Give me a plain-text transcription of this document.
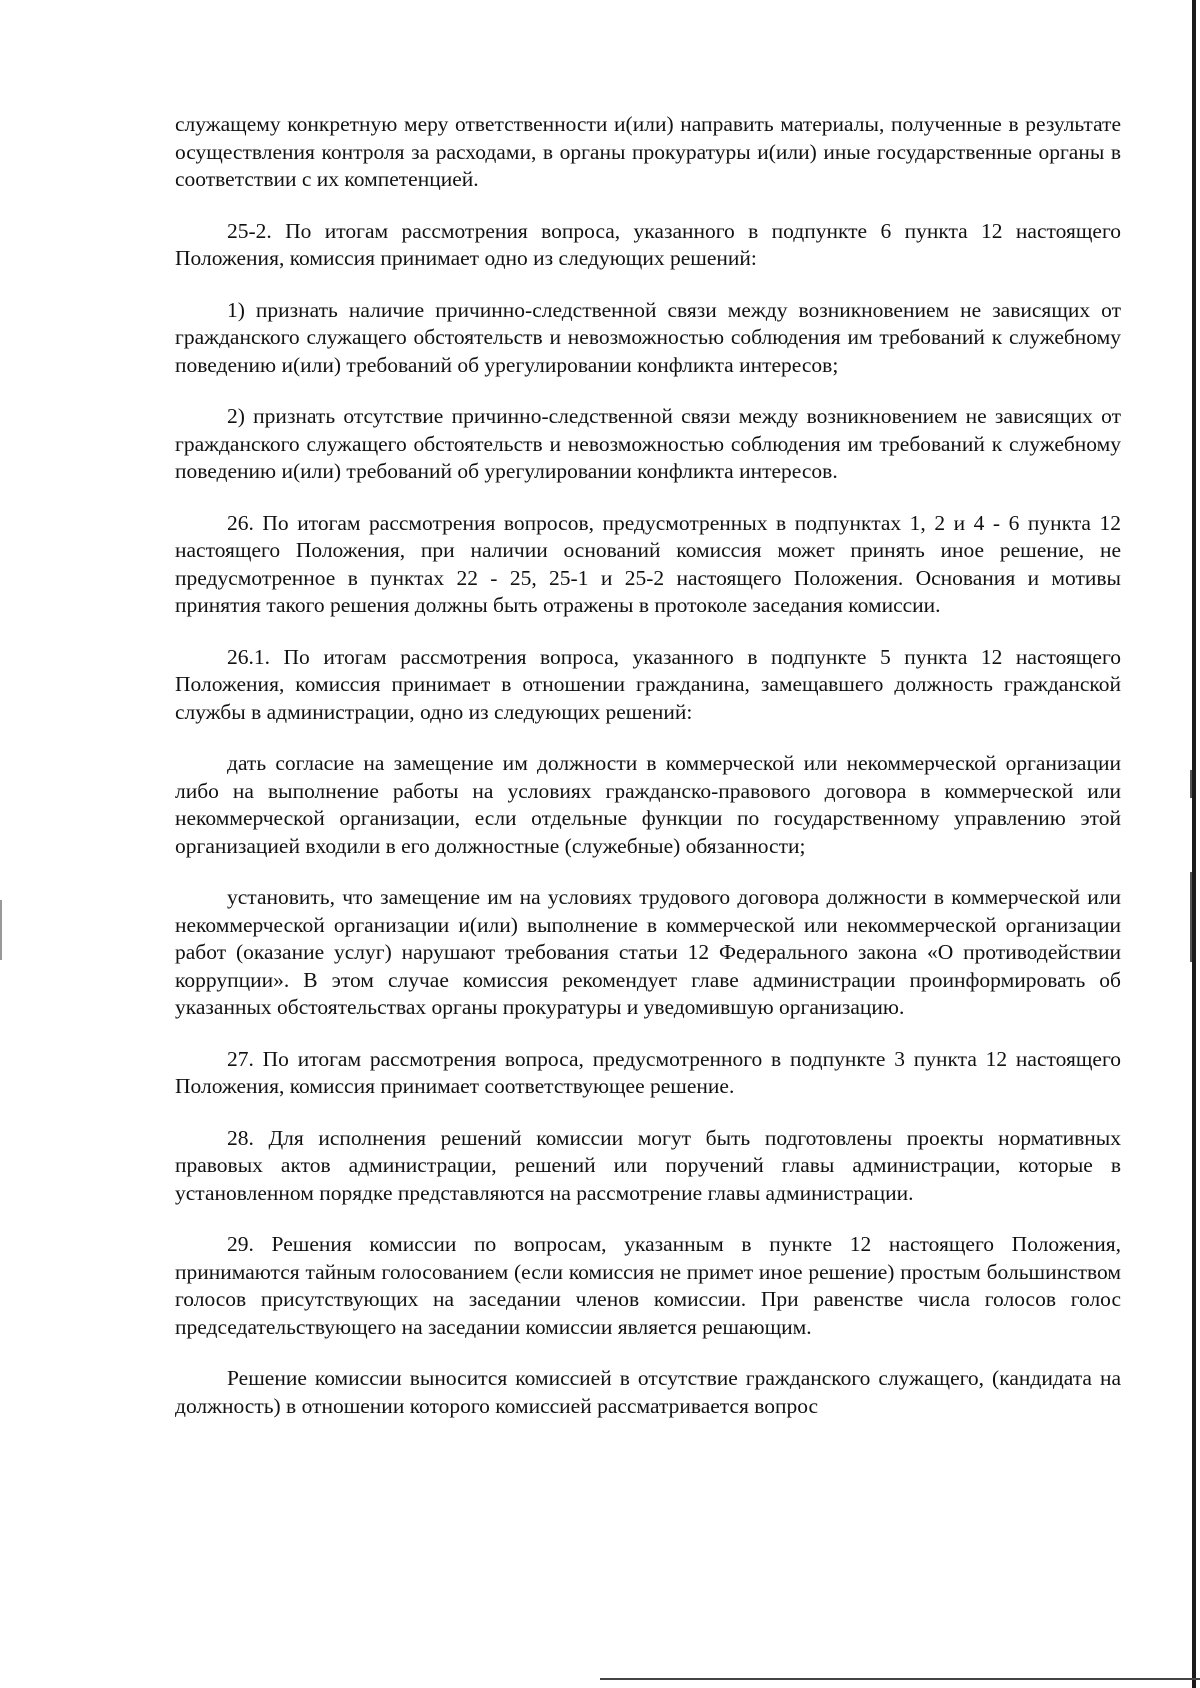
служащему конкретную меру ответственности и(или) направить материалы, полученные в результате осуществления контроля за расходами, в органы прокуратуры и(или) иные государственные органы в соответствии с их компетенцией.

25-2. По итогам рассмотрения вопроса, указанного в подпункте 6 пункта 12 настоящего Положения, комиссия принимает одно из следующих решений:

1) признать наличие причинно-следственной связи между возникновением не зависящих от гражданского служащего обстоятельств и невозможностью соблюдения им требований к служебному поведению и(или) требований об урегулировании конфликта интересов;

2) признать отсутствие причинно-следственной связи между возникновением не зависящих от гражданского служащего обстоятельств и невозможностью соблюдения им требований к служебному поведению и(или) требований об урегулировании конфликта интересов.

26. По итогам рассмотрения вопросов, предусмотренных в подпунктах 1, 2 и 4 - 6 пункта 12 настоящего Положения, при наличии оснований комиссия может принять иное решение, не предусмотренное в пунктах 22 - 25, 25-1 и 25-2 настоящего Положения. Основания и мотивы принятия такого решения должны быть отражены в протоколе заседания комиссии.

26.1. По итогам рассмотрения вопроса, указанного в подпункте 5 пункта 12 настоящего Положения, комиссия принимает в отношении гражданина, замещавшего должность гражданской службы в администрации, одно из следующих решений:

дать согласие на замещение им должности в коммерческой или некоммерческой организации либо на выполнение работы на условиях гражданско-правового договора в коммерческой или некоммерческой организации, если отдельные функции по государственному управлению этой организацией входили в его должностные (служебные) обязанности;

установить, что замещение им на условиях трудового договора должности в коммерческой или некоммерческой организации и(или) выполнение в коммерческой или некоммерческой организации работ (оказание услуг) нарушают требования статьи 12 Федерального закона «О противодействии коррупции». В этом случае комиссия рекомендует главе администрации проинформировать об указанных обстоятельствах органы прокуратуры и уведомившую организацию.

27. По итогам рассмотрения вопроса, предусмотренного в подпункте 3 пункта 12 настоящего Положения, комиссия принимает соответствующее решение.

28. Для исполнения решений комиссии могут быть подготовлены проекты нормативных правовых актов администрации, решений или поручений главы администрации, которые в установленном порядке представляются на рассмотрение главы администрации.

29. Решения комиссии по вопросам, указанным в пункте 12 настоящего Положения, принимаются тайным голосованием (если комиссия не примет иное решение) простым большинством голосов присутствующих на заседании членов комиссии. При равенстве числа голосов голос председательствующего на заседании комиссии является решающим.

Решение комиссии выносится комиссией в отсутствие гражданского служащего, (кандидата на должность) в отношении которого комиссией рассматривается вопрос
